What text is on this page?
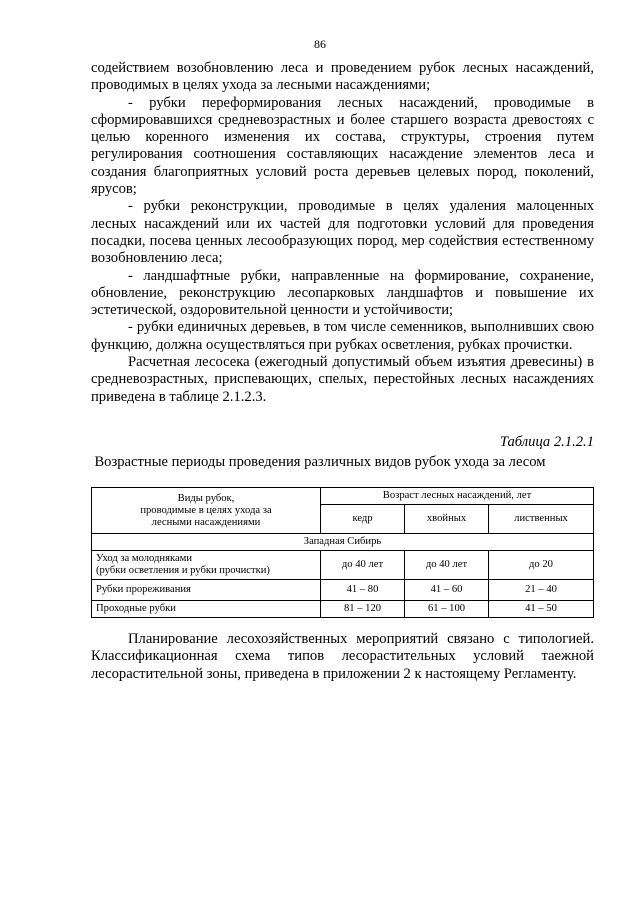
86

содействием возобновлению леса и проведением рубок лесных насаждений, проводимых в целях ухода за лесными насаждениями;

- рубки переформирования лесных насаждений, проводимые в сформировавшихся средневозрастных и более старшего возраста древостоях с целью коренного изменения их состава, структуры, строения путем регулирования соотношения составляющих насаждение элементов леса и создания благоприятных условий роста деревьев целевых пород, поколений, ярусов;

- рубки реконструкции, проводимые в целях удаления малоценных лесных насаждений или их частей для подготовки условий для проведения посадки, посева ценных лесообразующих пород, мер содействия естественному возобновлению леса;

- ландшафтные рубки, направленные на формирование, сохранение, обновление, реконструкцию лесопарковых ландшафтов и повышение их эстетической, оздоровительной ценности и устойчивости;

- рубки единичных деревьев, в том числе семенников, выполнивших свою функцию, должна осуществляться при рубках осветления, рубках прочистки.

Расчетная лесосека (ежегодный допустимый объем изъятия древесины) в средневозрастных, приспевающих, спелых, перестойных лесных насаждениях приведена в таблице 2.1.2.3.

Таблица 2.1.2.1
Возрастные периоды проведения различных видов рубок ухода за лесом
Виды рубок,
проводимые в целях ухода за
лесными насаждениями	Возраст лесных насаждений, лет		
	кедр	хвойных	лиственных
Западная Сибирь			

Уход за молодняками
(рубки осветления и рубки прочистки)	до 40 лет	до 40 лет	до 20
Рубки прореживания	41 – 80	41 – 60	21 – 40
Проходные рубки	81 – 120	61 – 100	41 – 50

Планирование лесохозяйственных мероприятий связано с типологией. Классификационная схема типов лесорастительных условий таежной лесорастительной зоны, приведена в приложении 2 к настоящему Регламенту.
